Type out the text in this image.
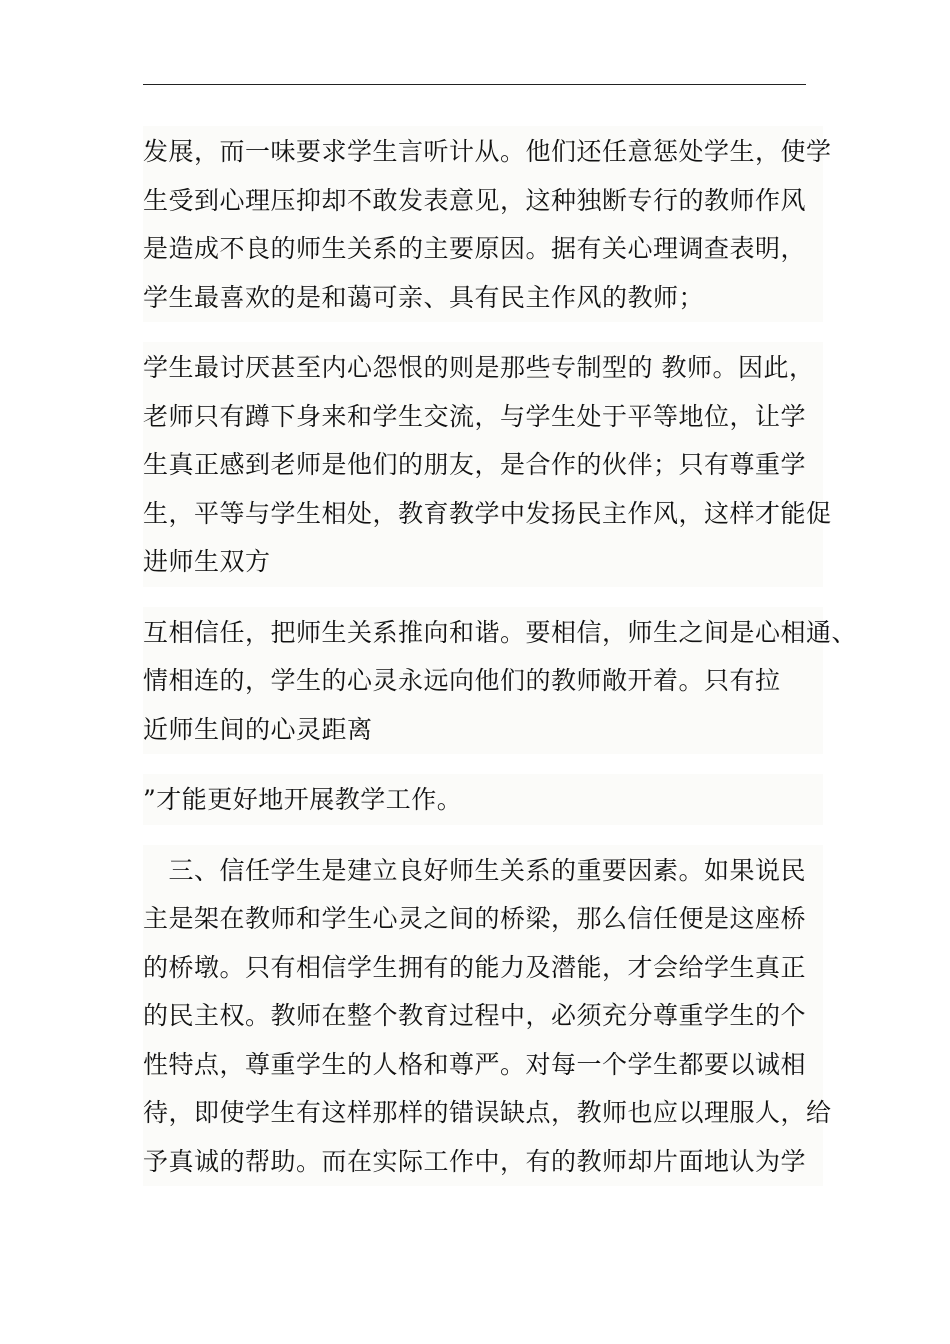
发展，而一味要求学生言听计从。他们还任意惩处学生，使学
生受到心理压抑却不敢发表意见，这种独断专行的教师作风
是造成不良的师生关系的主要原因。据有关心理调查表明，
学生最喜欢的是和蔼可亲、具有民主作风的教师；
学生最讨厌甚至内心怨恨的则是那些专制型的 教师。因此，
老师只有蹲下身来和学生交流，与学生处于平等地位，让学
生真正感到老师是他们的朋友，是合作的伙伴；只有尊重学
生，平等与学生相处，教育教学中发扬民主作风，这样才能促
进师生双方
互相信任，把师生关系推向和谐。要相信，师生之间是心相通、
情相连的，学生的心灵永远向他们的教师敞开着。只有拉
近师生间的心灵距离
”才能更好地开展教学工作。
　三、信任学生是建立良好师生关系的重要因素。如果说民
主是架在教师和学生心灵之间的桥梁，那么信任便是这座桥
的桥墩。只有相信学生拥有的能力及潜能，才会给学生真正
的民主权。教师在整个教育过程中，必须充分尊重学生的个
性特点，尊重学生的人格和尊严。对每一个学生都要以诚相
待，即使学生有这样那样的错误缺点，教师也应以理服人，给
予真诚的帮助。而在实际工作中，有的教师却片面地认为学
